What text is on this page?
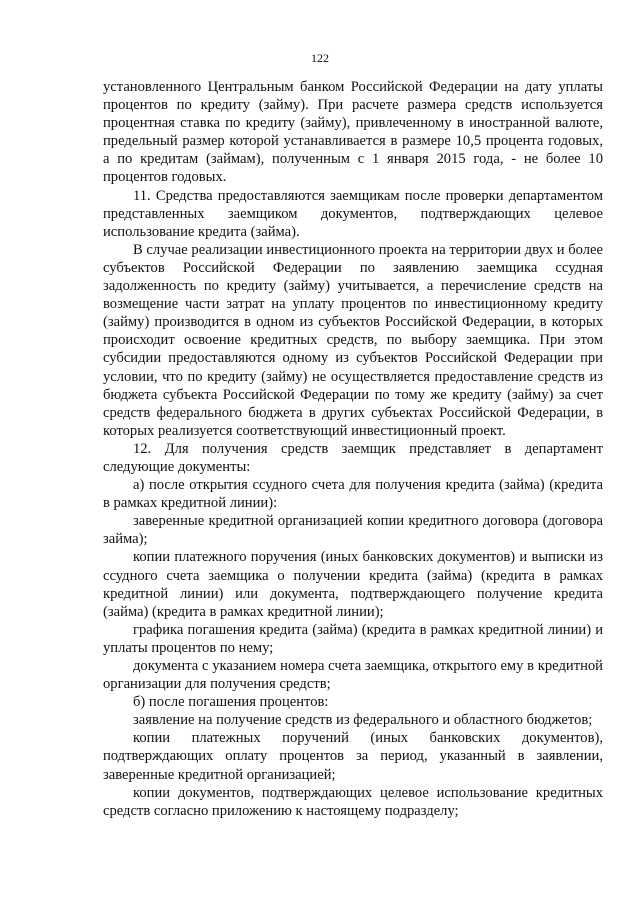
122

установленного Центральным банком Российской Федерации на дату уплаты процентов по кредиту (займу). При расчете размера средств используется процентная ставка по кредиту (займу), привлеченному в иностранной валюте, предельный размер которой устанавливается в размере 10,5 процента годовых, а по кредитам (займам), полученным с 1 января 2015 года, - не более 10 процентов годовых.

11. Средства предоставляются заемщикам после проверки департаментом представленных заемщиком документов, подтверждающих целевое использование кредита (займа).

В случае реализации инвестиционного проекта на территории двух и более субъектов Российской Федерации по заявлению заемщика ссудная задолженность по кредиту (займу) учитывается, а перечисление средств на возмещение части затрат на уплату процентов по инвестиционному кредиту (займу) производится в одном из субъектов Российской Федерации, в которых происходит освоение кредитных средств, по выбору заемщика. При этом субсидии предоставляются одному из субъектов Российской Федерации при условии, что по кредиту (займу) не осуществляется предоставление средств из бюджета субъекта Российской Федерации по тому же кредиту (займу) за счет средств федерального бюджета в других субъектах Российской Федерации, в которых реализуется соответствующий инвестиционный проект.

12. Для получения средств заемщик представляет в департамент следующие документы:

а) после открытия ссудного счета для получения кредита (займа) (кредита в рамках кредитной линии):

заверенные кредитной организацией копии кредитного договора (договора займа);

копии платежного поручения (иных банковских документов) и выписки из ссудного счета заемщика о получении кредита (займа) (кредита в рамках кредитной линии) или документа, подтверждающего получение кредита (займа) (кредита в рамках кредитной линии);

графика погашения кредита (займа) (кредита в рамках кредитной линии) и уплаты процентов по нему;

документа с указанием номера счета заемщика, открытого ему в кредитной организации для получения средств;

б) после погашения процентов:

заявление на получение средств из федерального и областного бюджетов;

копии платежных поручений (иных банковских документов), подтверждающих оплату процентов за период, указанный в заявлении, заверенные кредитной организацией;

копии документов, подтверждающих целевое использование кредитных средств согласно приложению к настоящему подразделу;
